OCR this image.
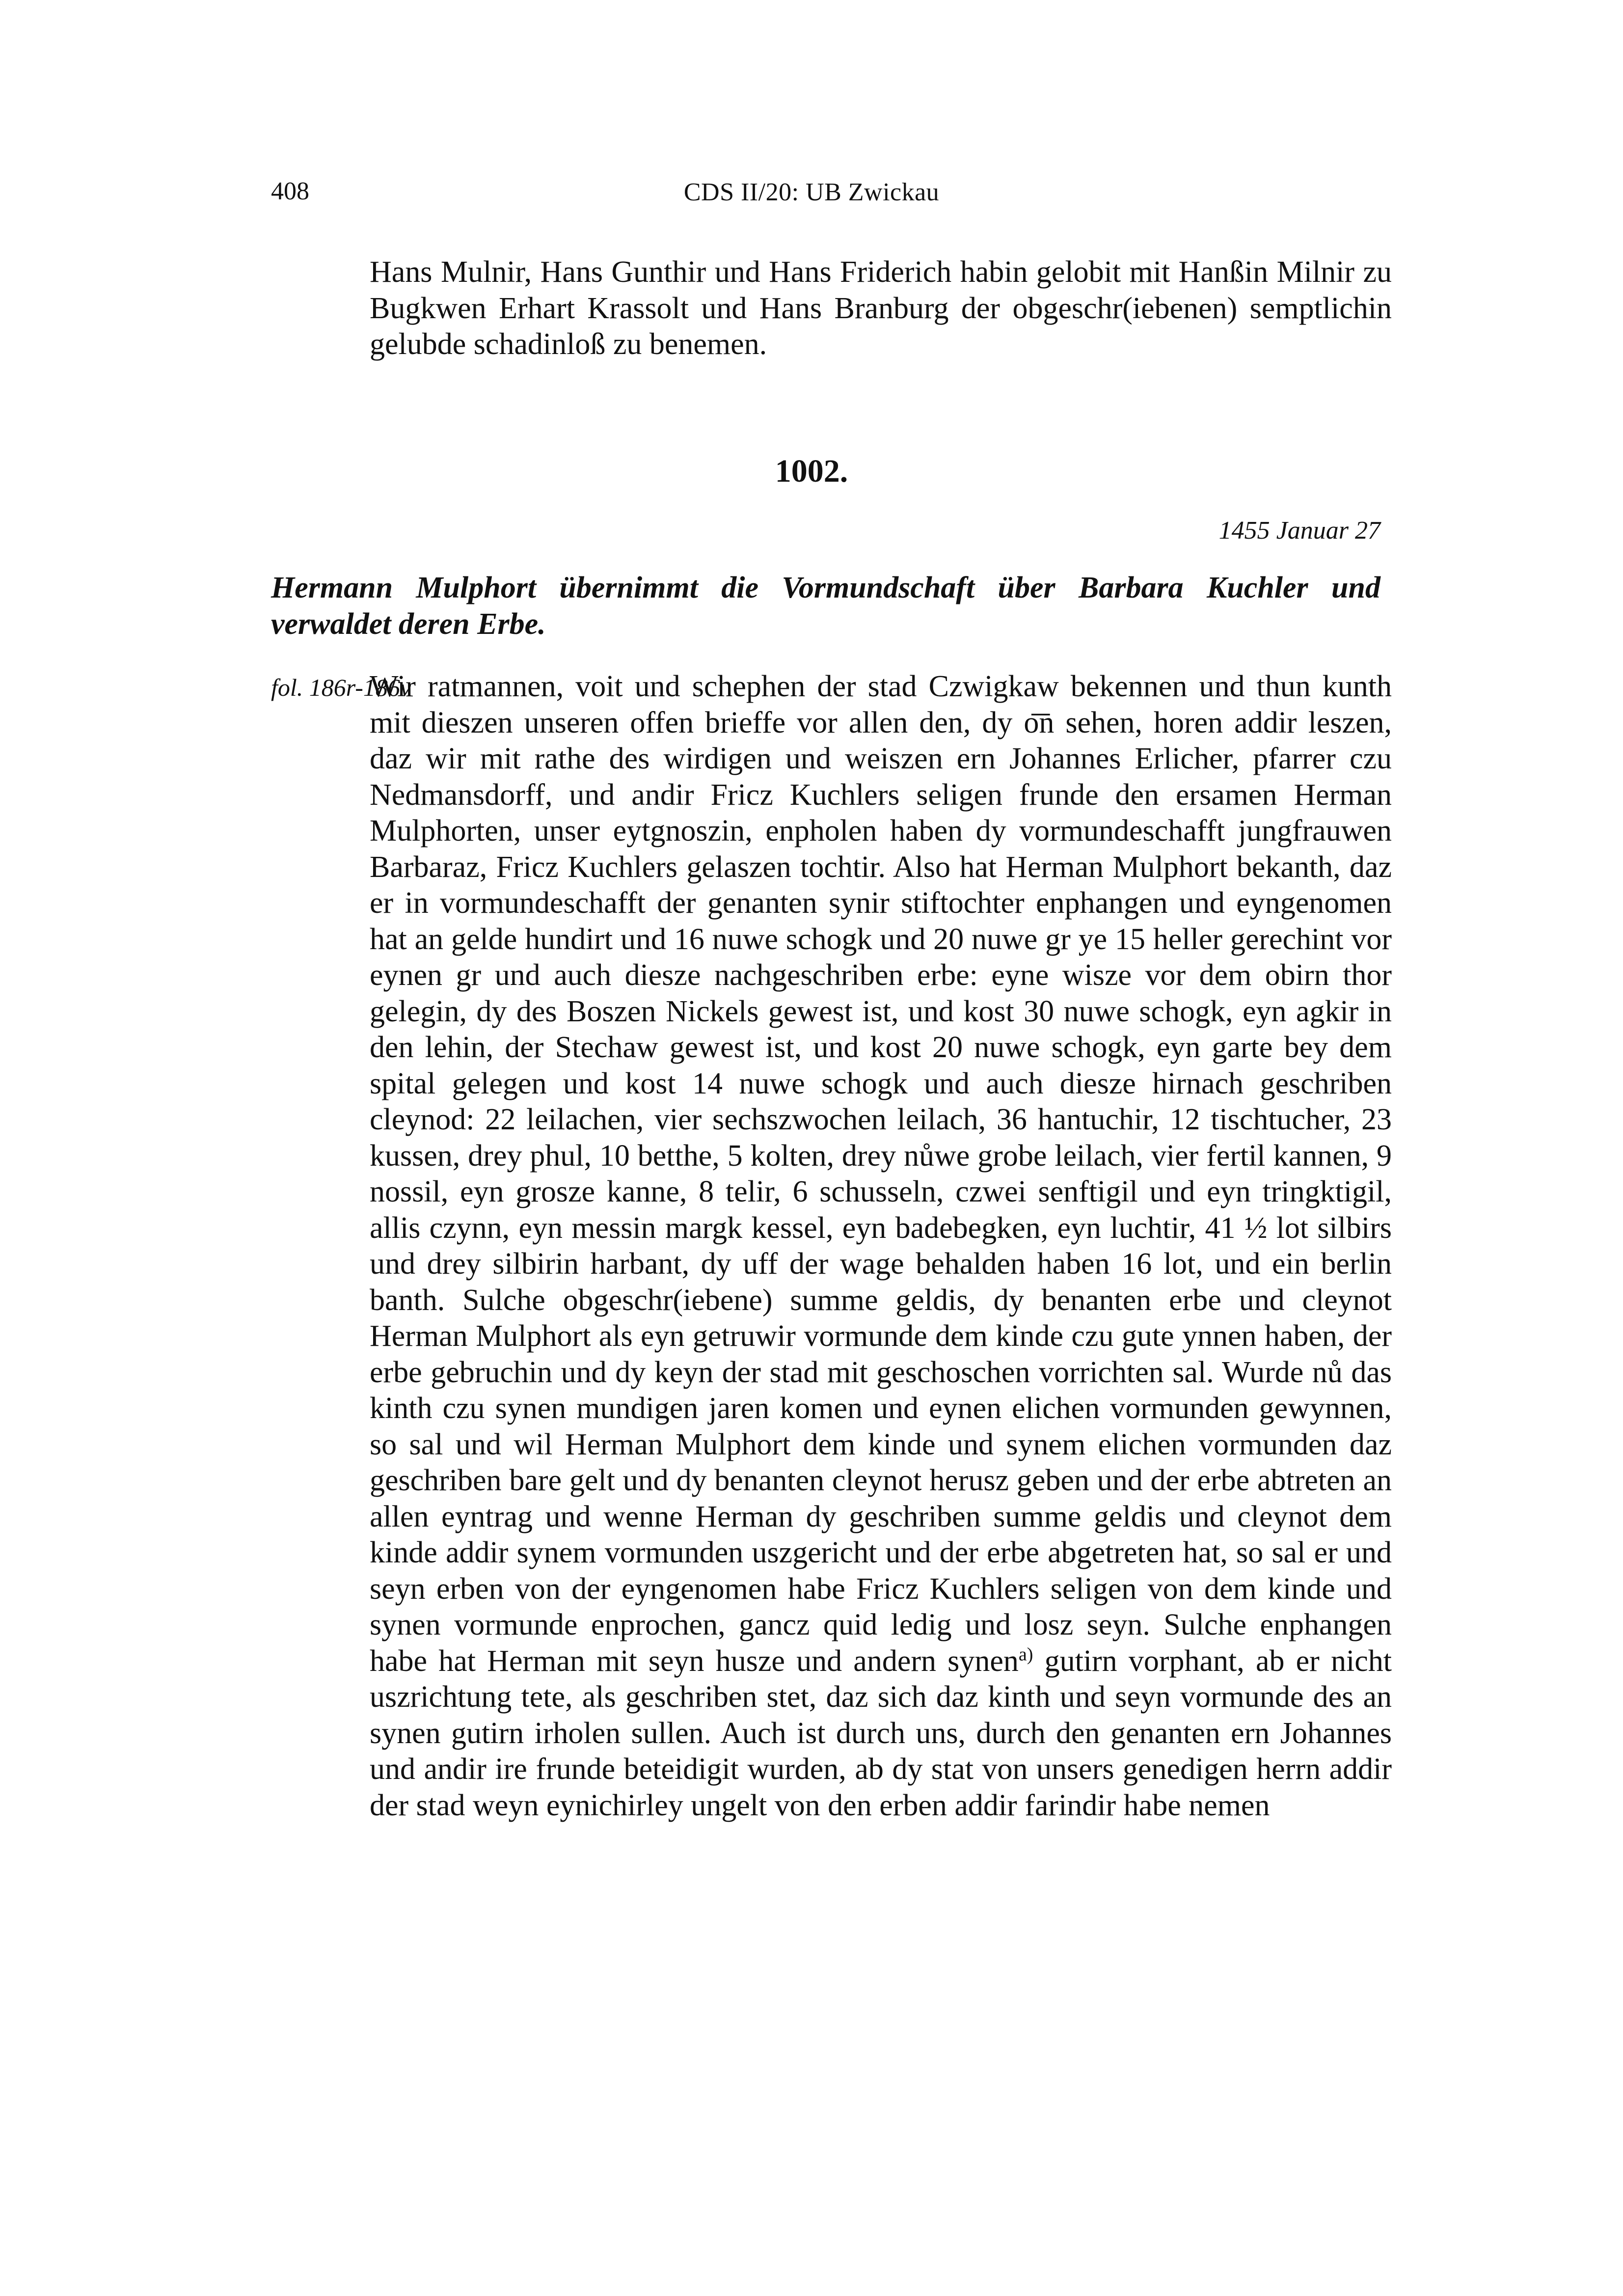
408	CDS II/20: UB Zwickau
Hans Mulnir, Hans Gunthir und Hans Friderich habin gelobit mit Hanßin Milnir zu Bugkwen Erhart Krassolt und Hans Branburg der obgeschr(iebenen) semptlichin gelubde schadinloß zu benemen.
1002.
1455 Januar 27
Hermann Mulphort übernimmt die Vormundschaft über Barbara Kuchler und verwaldet deren Erbe.
fol. 186r-186v
Wir ratmannen, voit und schephen der stad Czwigkaw bekennen und thun kunth mit dieszen unseren offen brieffe vor allen den, dy o͞n sehen, horen addir leszen, daz wir mit rathe des wirdigen und weiszen ern Johannes Erlicher, pfarrer czu Nedmansdorff, und andir Fricz Kuchlers seligen frunde den ersamen Herman Mulphorten, unser eytgnoszin, enpholen haben dy vormundeschafft jungfrauwen Barbaraz, Fricz Kuchlers gelaszen tochtir. Also hat Herman Mulphort bekanth, daz er in vormundeschafft der genanten synir stiftochter enphangen und eyngenomen hat an gelde hundirt und 16 nuwe schogk und 20 nuwe gr ye 15 heller gerechint vor eynen gr und auch diesze nachgeschriben erbe: eyne wisze vor dem obirn thor gelegin, dy des Boszen Nickels gewest ist, und kost 30 nuwe schogk, eyn agkir in den lehin, der Stechaw gewest ist, und kost 20 nuwe schogk, eyn garte bey dem spital gelegen und kost 14 nuwe schogk und auch diesze hirnach geschriben cleynod: 22 leilachen, vier sechszwochen leilach, 36 hantuchir, 12 tischtucher, 23 kussen, drey phul, 10 betthe, 5 kolten, drey nůwe grobe leilach, vier fertil kannen, 9 nossil, eyn grosze kanne, 8 telir, 6 schusseln, czwei senftigil und eyn tringktigil, allis czynn, eyn messin margk kessel, eyn badebegken, eyn luchtir, 41 ½ lot silbirs und drey silbirin harbant, dy uff der wage behalden haben 16 lot, und ein berlin banth. Sulche obgeschr(iebene) summe geldis, dy benanten erbe und cleynot Herman Mulphort als eyn getruwir vormunde dem kinde czu gute ynnen haben, der erbe gebruchin und dy keyn der stad mit geschoschen vorrichten sal. Wurde nů das kinth czu synen mundigen jaren komen und eynen elichen vormunden gewynnen, so sal und wil Herman Mulphort dem kinde und synem elichen vormunden daz geschriben bare gelt und dy benanten cleynot herusz geben und der erbe abtreten an allen eyntrag und wenne Herman dy geschriben summe geldis und cleynot dem kinde addir synem vormunden uszgericht und der erbe abgetreten hat, so sal er und seyn erben von der eyngenomen habe Fricz Kuchlers seligen von dem kinde und synen vormunde enprochen, gancz quid ledig und losz seyn. Sulche enphangen habe hat Herman mit seyn husze und andern synen$^{a)}$ gutirn vorphant, ab er nicht uszrichtung tete, als geschriben stet, daz sich daz kinth und seyn vormunde des an synen gutirn irholen sullen. Auch ist durch uns, durch den genanten ern Johannes und andir ire frunde beteidigit wurden, ab dy stat von unsers genedigen herrn addir der stad weyn eynichirley ungelt von den erben addir farindir habe nemen
